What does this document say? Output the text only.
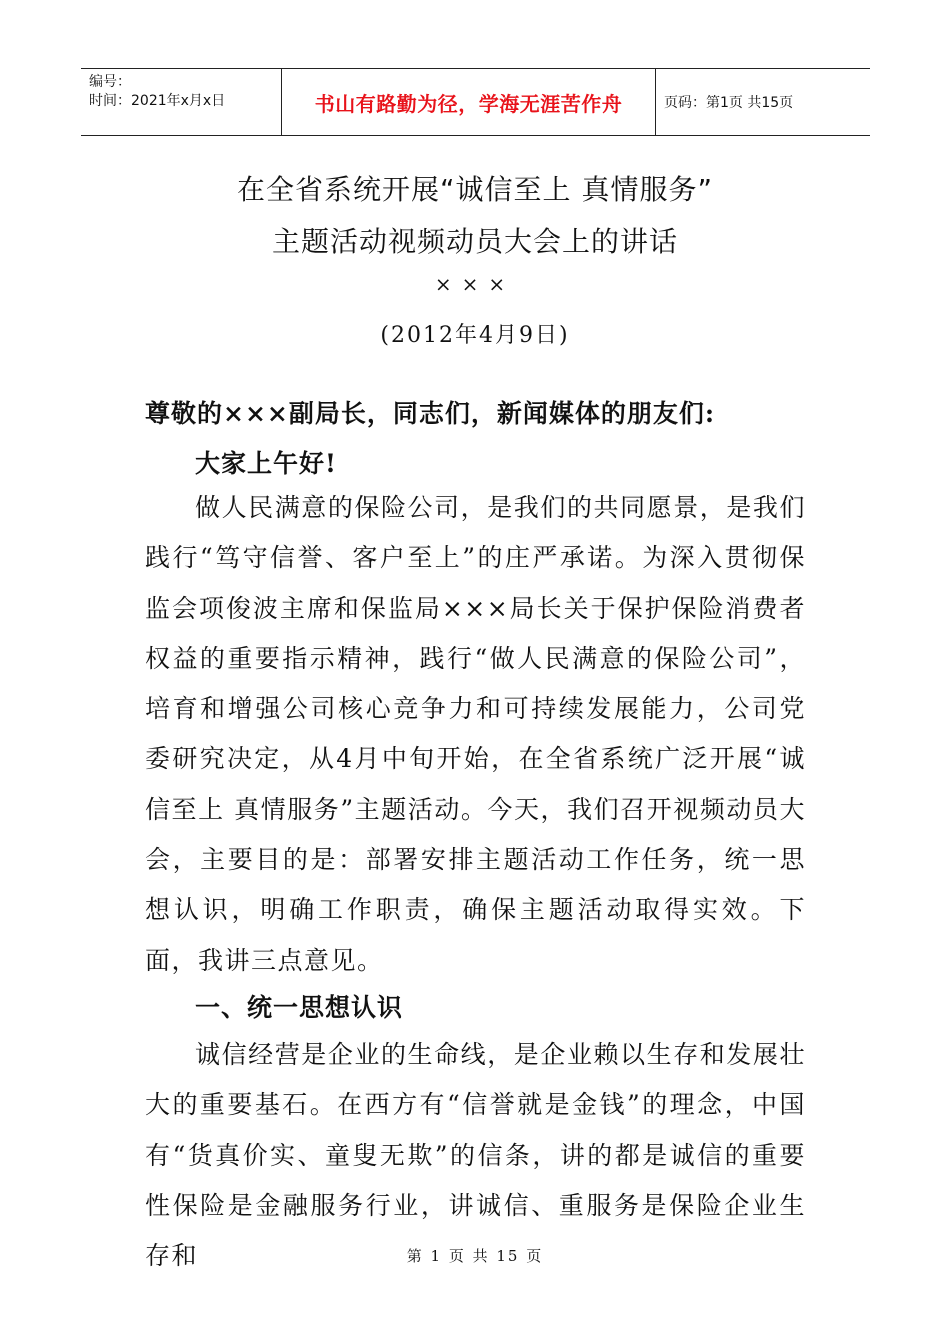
编号：
时间：2021年x月x日	书山有路勤为径，学海无涯苦作舟	页码：第1页 共15页
在全省系统开展“诚信至上 真情服务”
主题活动视频动员大会上的讲话
×××
(2012年4月9日)
尊敬的×××副局长，同志们，新闻媒体的朋友们:
大家上午好!

做人民满意的保险公司，是我们的共同愿景，是我们践行“笃守信誉、客户至上”的庄严承诺。为深入贯彻保监会项俊波主席和保监局×××局长关于保护保险消费者权益的重要指示精神，践行“做人民满意的保险公司”，培育和增强公司核心竞争力和可持续发展能力，公司党委研究决定，从4月中旬开始，在全省系统广泛开展“诚信至上 真情服务”主题活动。今天，我们召开视频动员大会，主要目的是：部署安排主题活动工作任务，统一思想认识，明确工作职责，确保主题活动取得实效。下面，我讲三点意见。

一、统一思想认识

诚信经营是企业的生命线，是企业赖以生存和发展壮大的重要基石。在西方有“信誉就是金钱”的理念，中国有“货真价实、童叟无欺”的信条，讲的都是诚信的重要性保险是金融服务行业，讲诚信、重服务是保险企业生存和	第 1 页 共 15 页
